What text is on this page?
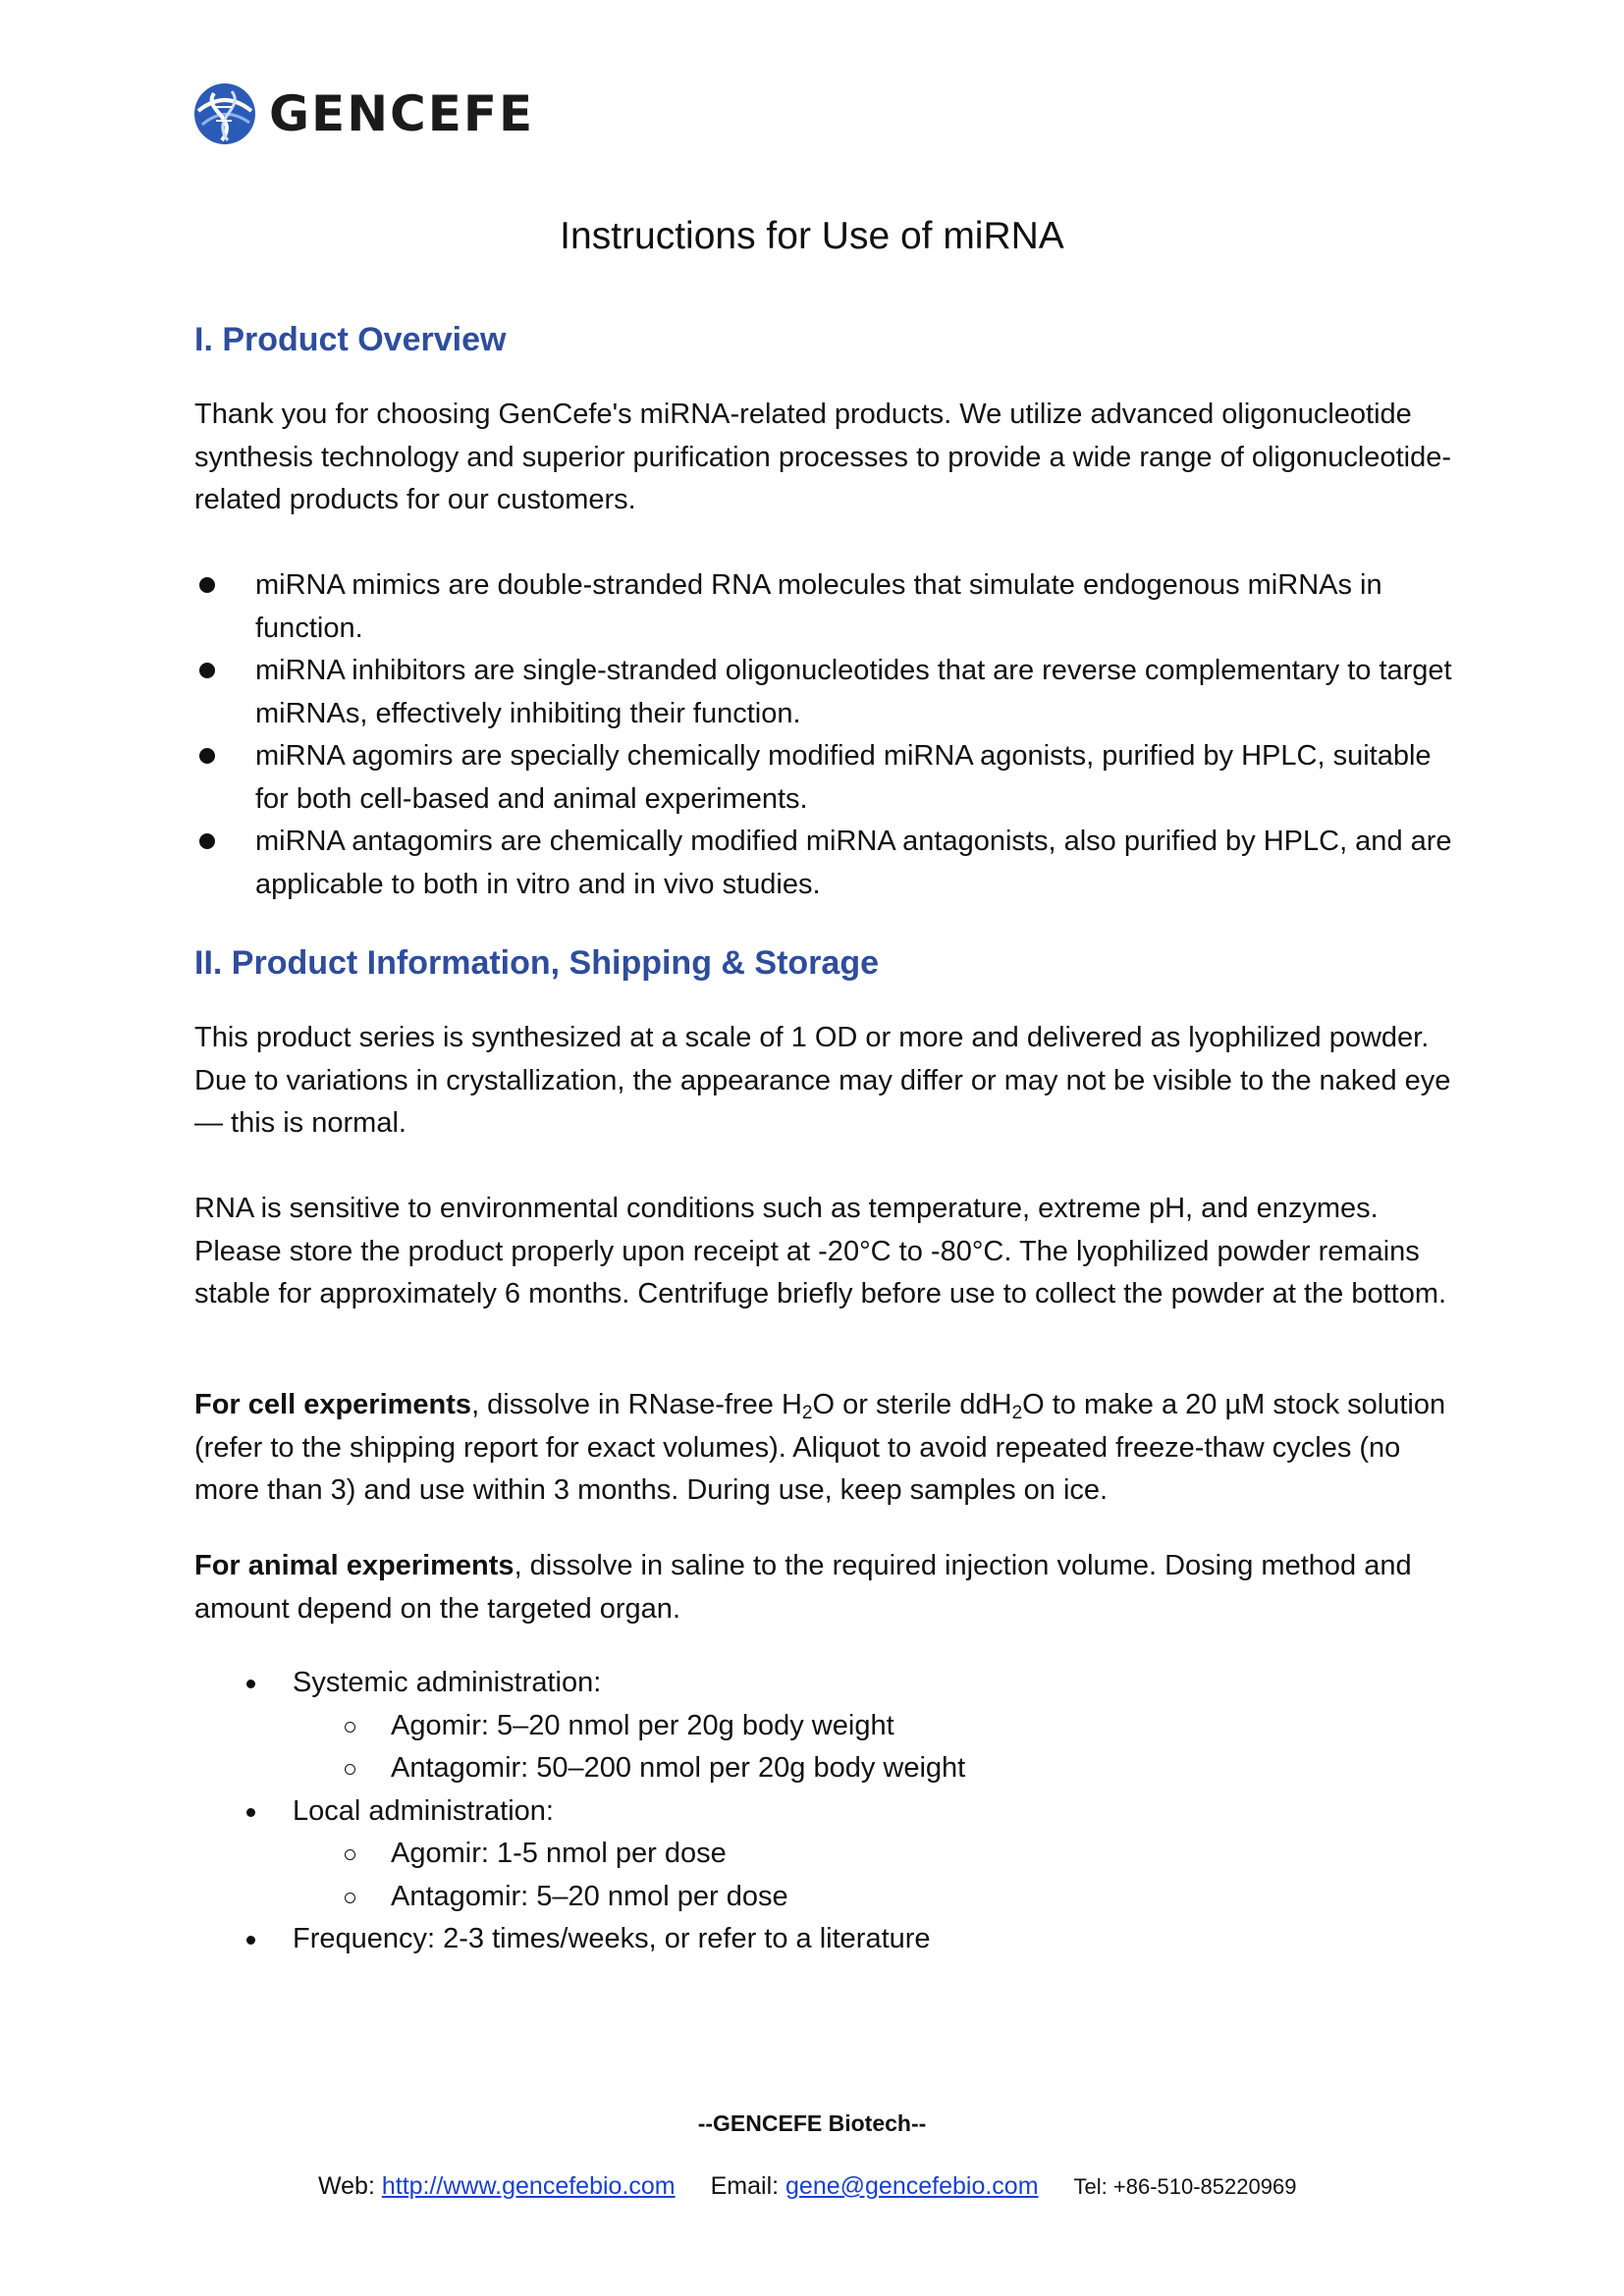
GENCEFE
Instructions for Use of miRNA
I. Product Overview
Thank you for choosing GenCefe's miRNA-related products. We utilize advanced oligonucleotide synthesis technology and superior purification processes to provide a wide range of oligonucleotide-related products for our customers.
miRNA mimics are double-stranded RNA molecules that simulate endogenous miRNAs in function.
miRNA inhibitors are single-stranded oligonucleotides that are reverse complementary to target miRNAs, effectively inhibiting their function.
miRNA agomirs are specially chemically modified miRNA agonists, purified by HPLC, suitable for both cell-based and animal experiments.
miRNA antagomirs are chemically modified miRNA antagonists, also purified by HPLC, and are applicable to both in vitro and in vivo studies.
II. Product Information, Shipping & Storage
This product series is synthesized at a scale of 1 OD or more and delivered as lyophilized powder. Due to variations in crystallization, the appearance may differ or may not be visible to the naked eye — this is normal.
RNA is sensitive to environmental conditions such as temperature, extreme pH, and enzymes. Please store the product properly upon receipt at -20°C to -80°C. The lyophilized powder remains stable for approximately 6 months. Centrifuge briefly before use to collect the powder at the bottom.
For cell experiments, dissolve in RNase-free $H_2O$ or sterile ddH$_2$O to make a 20 µM stock solution (refer to the shipping report for exact volumes). Aliquot to avoid repeated freeze-thaw cycles (no more than 3) and use within 3 months. During use, keep samples on ice.
For animal experiments, dissolve in saline to the required injection volume. Dosing method and amount depend on the targeted organ.
Systemic administration:
Agomir: 5–20 nmol per 20g body weight
Antagomir: 50–200 nmol per 20g body weight
Local administration:
Agomir: 1-5 nmol per dose
Antagomir: 5–20 nmol per dose
Frequency: 2-3 times/weeks, or refer to a literature
--GENCEFE Biotech--
Web: http://www.gencefebio.com Email: gene@gencefebio.com Tel: +86-510-85220969
